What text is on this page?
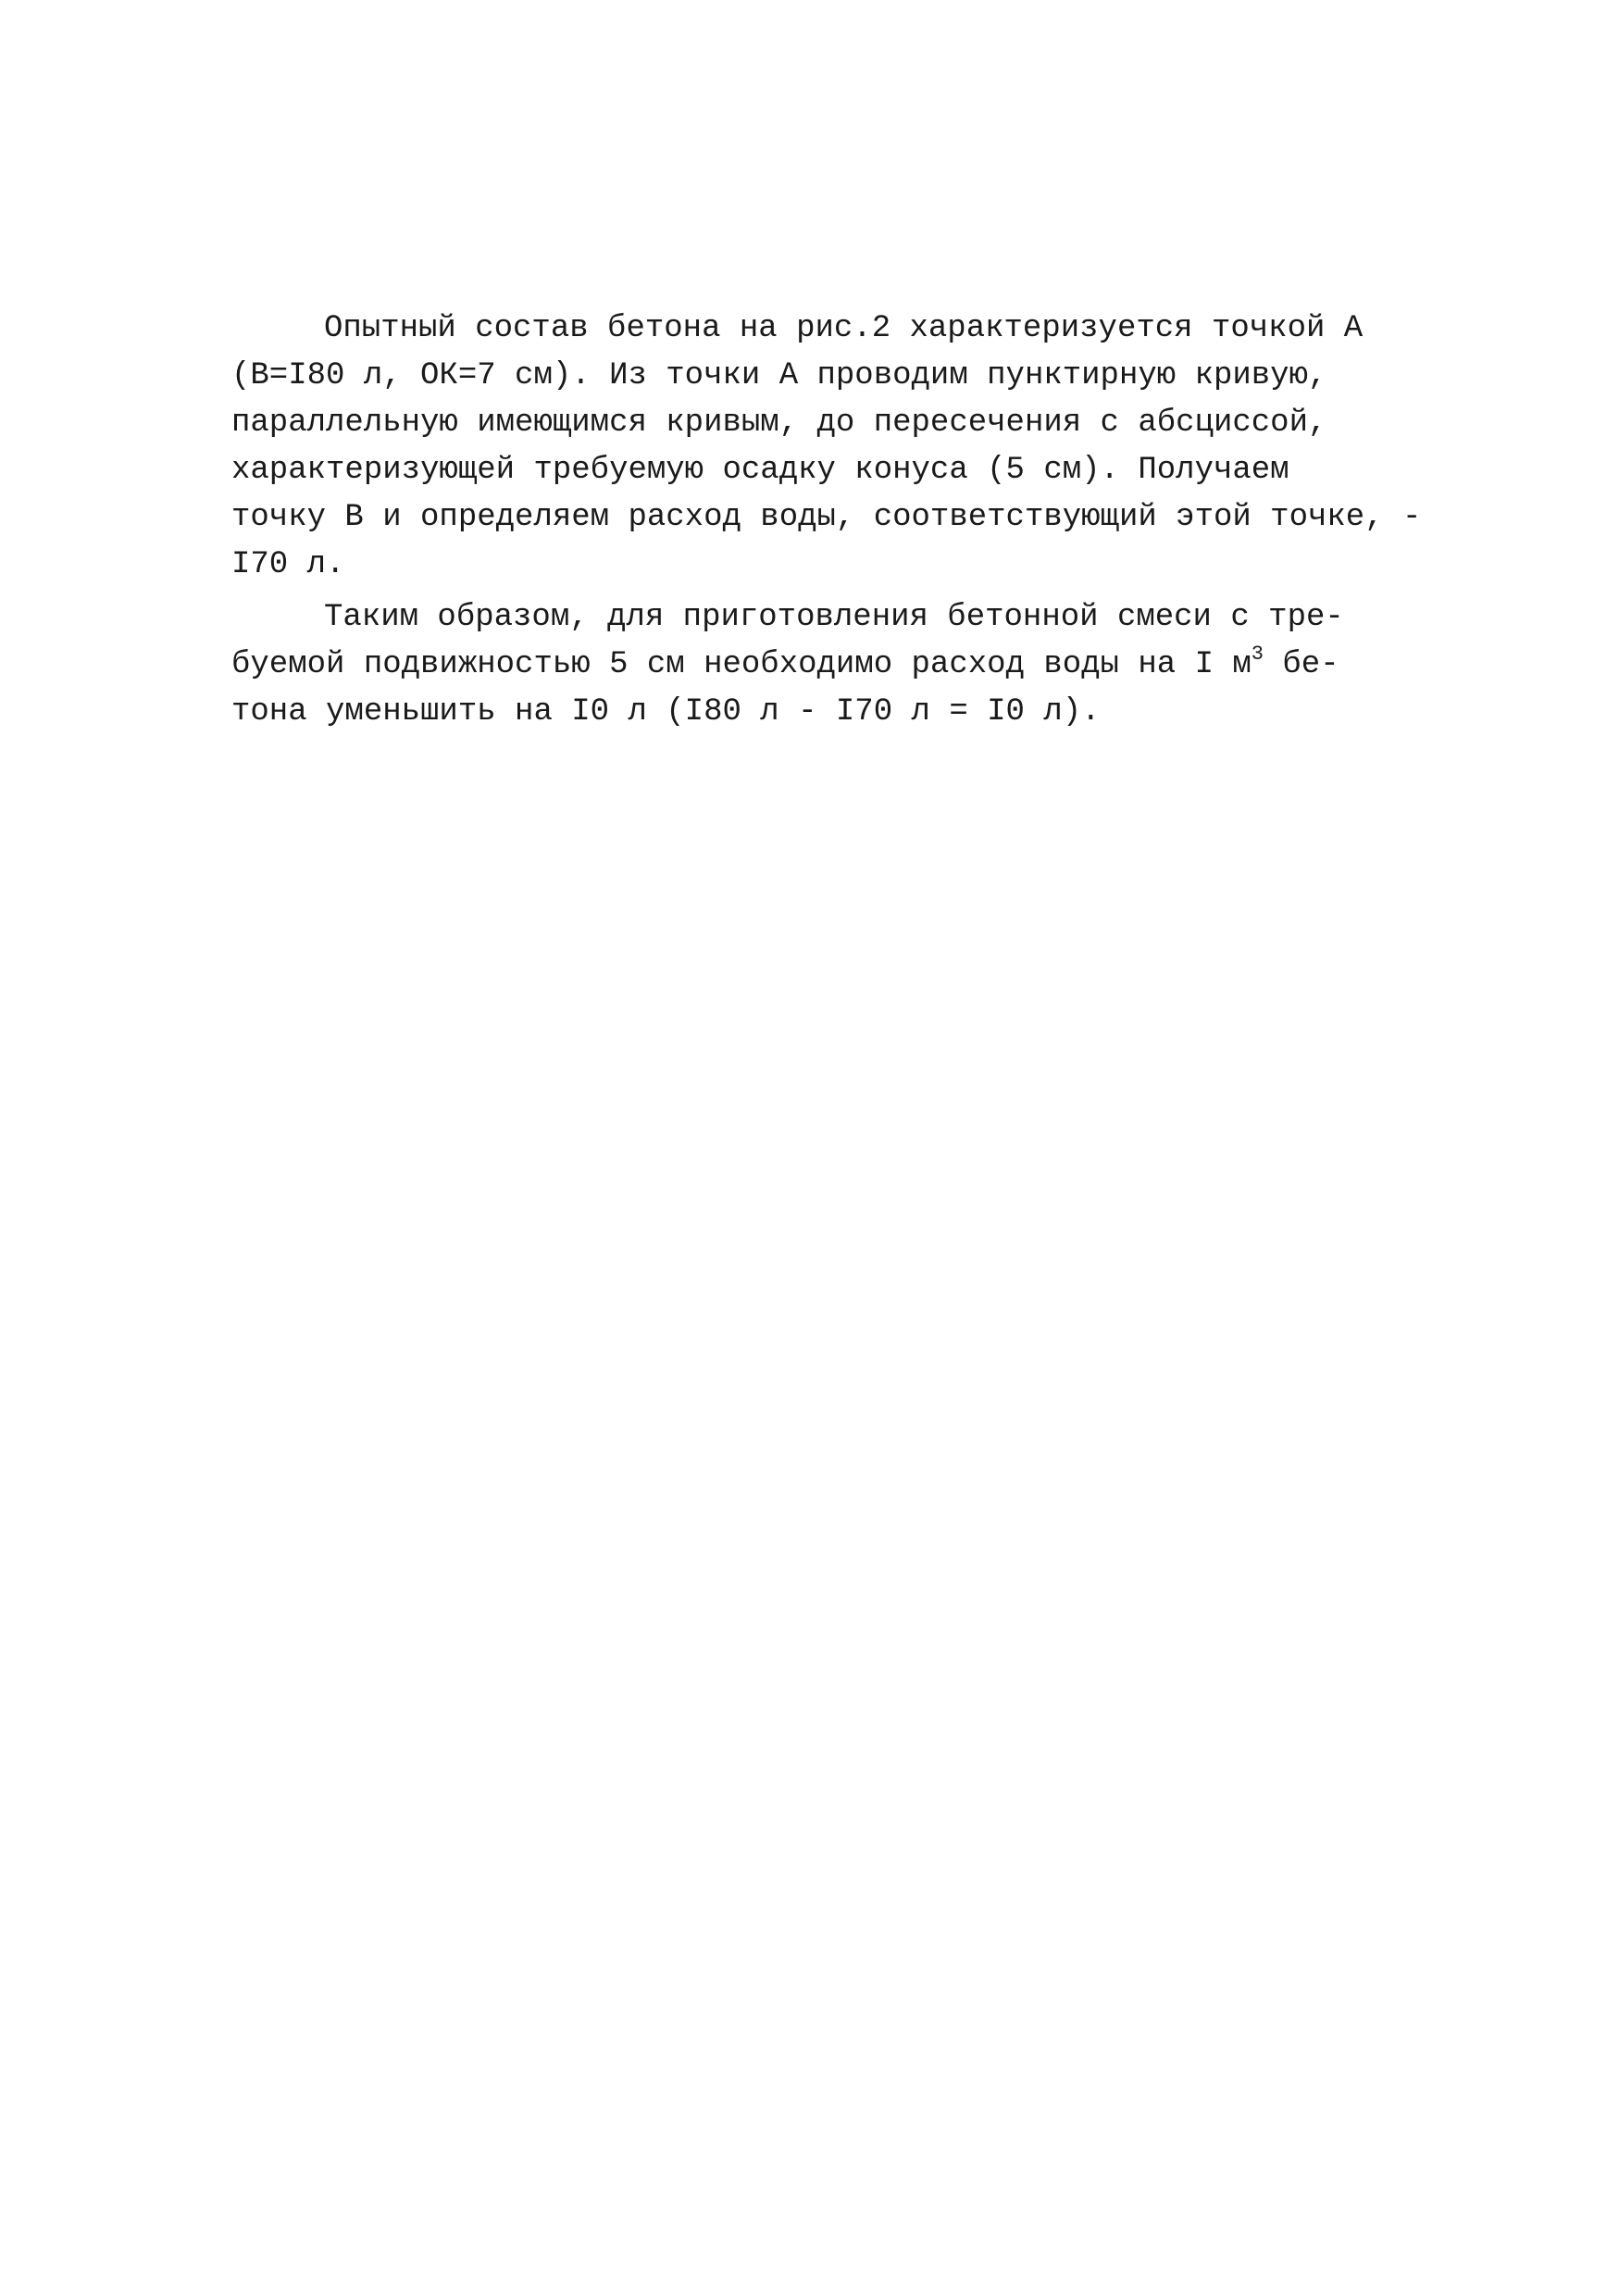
Опытный состав бетона на рис.2 характеризуется точкой А
(В=I80 л, ОК=7 см). Из точки А проводим пунктирную кривую,
параллельную имеющимся кривым, до пересечения с абсциссой,
характеризующей требуемую осадку конуса (5 см). Получаем
точку В и определяем расход воды, соответствующий этой точке, -
I70 л.
Таким образом, для приготовления бетонной смеси с тре-
буемой подвижностью 5 см необходимо расход воды на I $м^3$ бе-
тона уменьшить на I0 л (I80 л - I70 л = I0 л).
